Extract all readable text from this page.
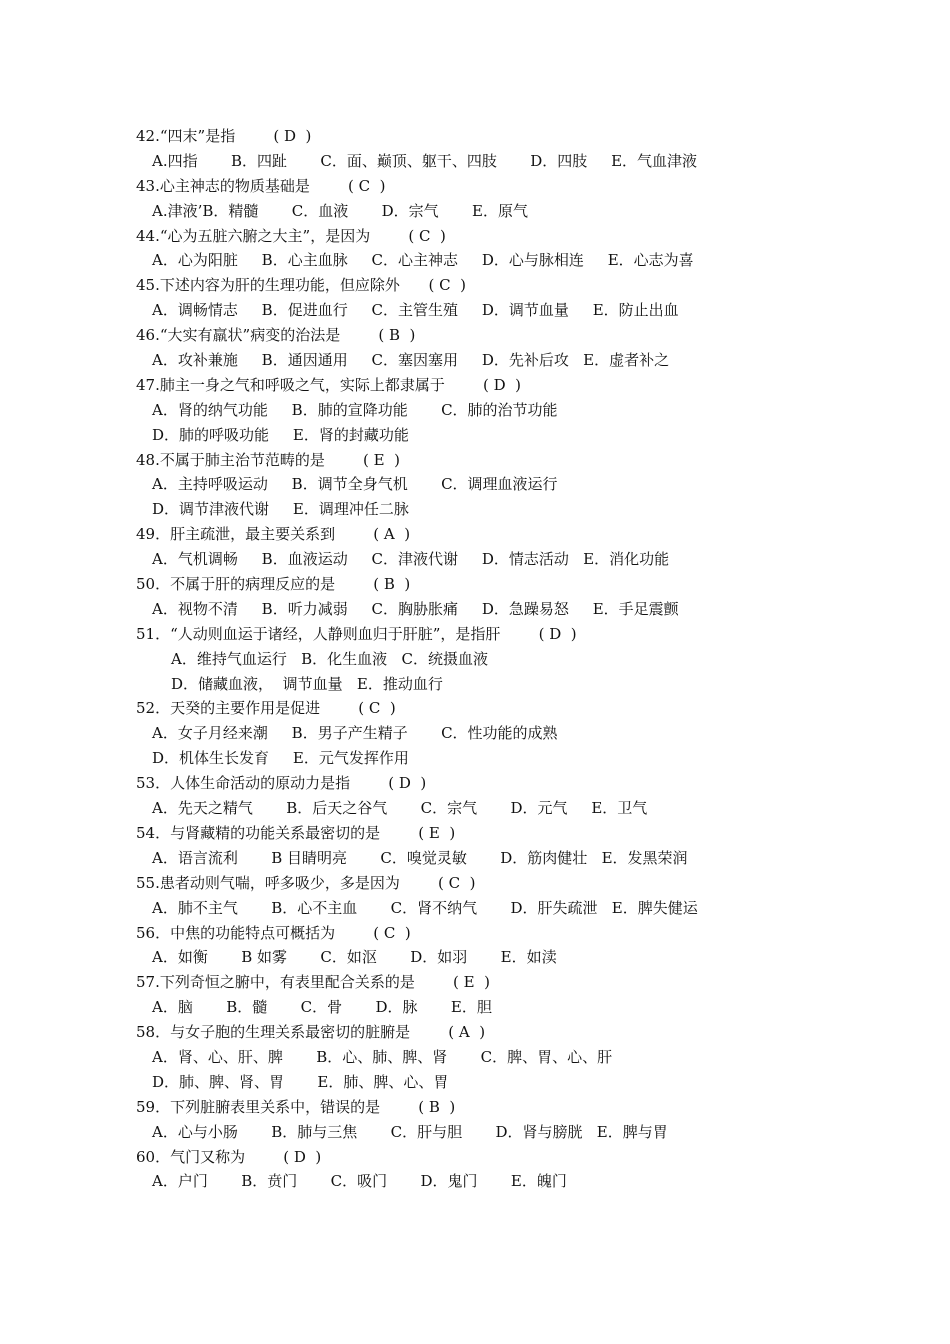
42.“四末”是指        ( D  )
A.四指       B．四趾       C．面、巅顶、躯干、四肢       D．四肢     E．气血津液
43.心主神志的物质基础是        ( C  )
A.津液’B．精髓       C．血液       D．宗气       E．原气
44.“心为五脏六腑之大主”，是因为        ( C  )
A．心为阳脏     B．心主血脉     C．心主神志     D．心与脉相连     E．心志为喜
45.下述内容为肝的生理功能，但应除外      ( C  )
A．调畅情志     B．促进血行     C．主管生殖     D．调节血量     E．防止出血
46.“大实有羸状”病变的治法是        ( B  )
A．攻补兼施     B．通因通用     C．塞因塞用     D．先补后攻   E．虚者补之
47.肺主一身之气和呼吸之气，实际上都隶属于        ( D  )
A．肾的纳气功能     B．肺的宣降功能       C．肺的治节功能
D．肺的呼吸功能     E．肾的封藏功能
48.不属于肺主治节范畴的是        ( E  )
A．主持呼吸运动     B．调节全身气机       C．调理血液运行
D．调节津液代谢     E．调理冲任二脉
49．肝主疏泄，最主要关系到        ( A  )
A．气机调畅     B．血液运动     C．津液代谢     D．情志活动   E．消化功能
50．不属于肝的病理反应的是        ( B  )
A．视物不清     B．听力减弱     C．胸胁胀痛     D．急躁易怒     E．手足震颤
51．“人动则血运于诸经，人静则血归于肝脏”，是指肝        ( D  )
A．维持气血运行   B．化生血液   C．统摄血液
D．储藏血液，  调节血量   E．推动血行
52．天癸的主要作用是促进        ( C  )
A．女子月经来潮     B．男子产生精子       C．性功能的成熟
D．机体生长发育     E．元气发挥作用
53．人体生命活动的原动力是指        ( D  )
A．先天之精气       B．后天之谷气       C．宗气       D．元气     E．卫气
54．与肾藏精的功能关系最密切的是        ( E  )
A．语言流利       B 目睛明亮       C．嗅觉灵敏       D．筋肉健壮   E．发黑荣润
55.患者动则气喘，呼多吸少，多是因为        ( C  )
A．肺不主气       B．心不主血       C．肾不纳气       D．肝失疏泄   E．脾失健运
56．中焦的功能特点可概括为        ( C  )
A．如衡       B 如雾       C．如沤       D．如羽       E．如渎
57.下列奇恒之腑中，有表里配合关系的是        ( E  )
A．脑       B．髓       C．骨       D．脉       E．胆
58．与女子胞的生理关系最密切的脏腑是        ( A  )
A．肾、心、肝、脾       B．心、肺、脾、肾       C．脾、胃、心、肝
D．肺、脾、肾、胃       E．肺、脾、心、胃
59．下列脏腑表里关系中，错误的是        ( B  )
A．心与小肠       B．肺与三焦       C．肝与胆       D．肾与膀胱   E．脾与胃
60．气门又称为        ( D  )
A．户门       B．贲门       C．吸门       D．鬼门       E．魄门
